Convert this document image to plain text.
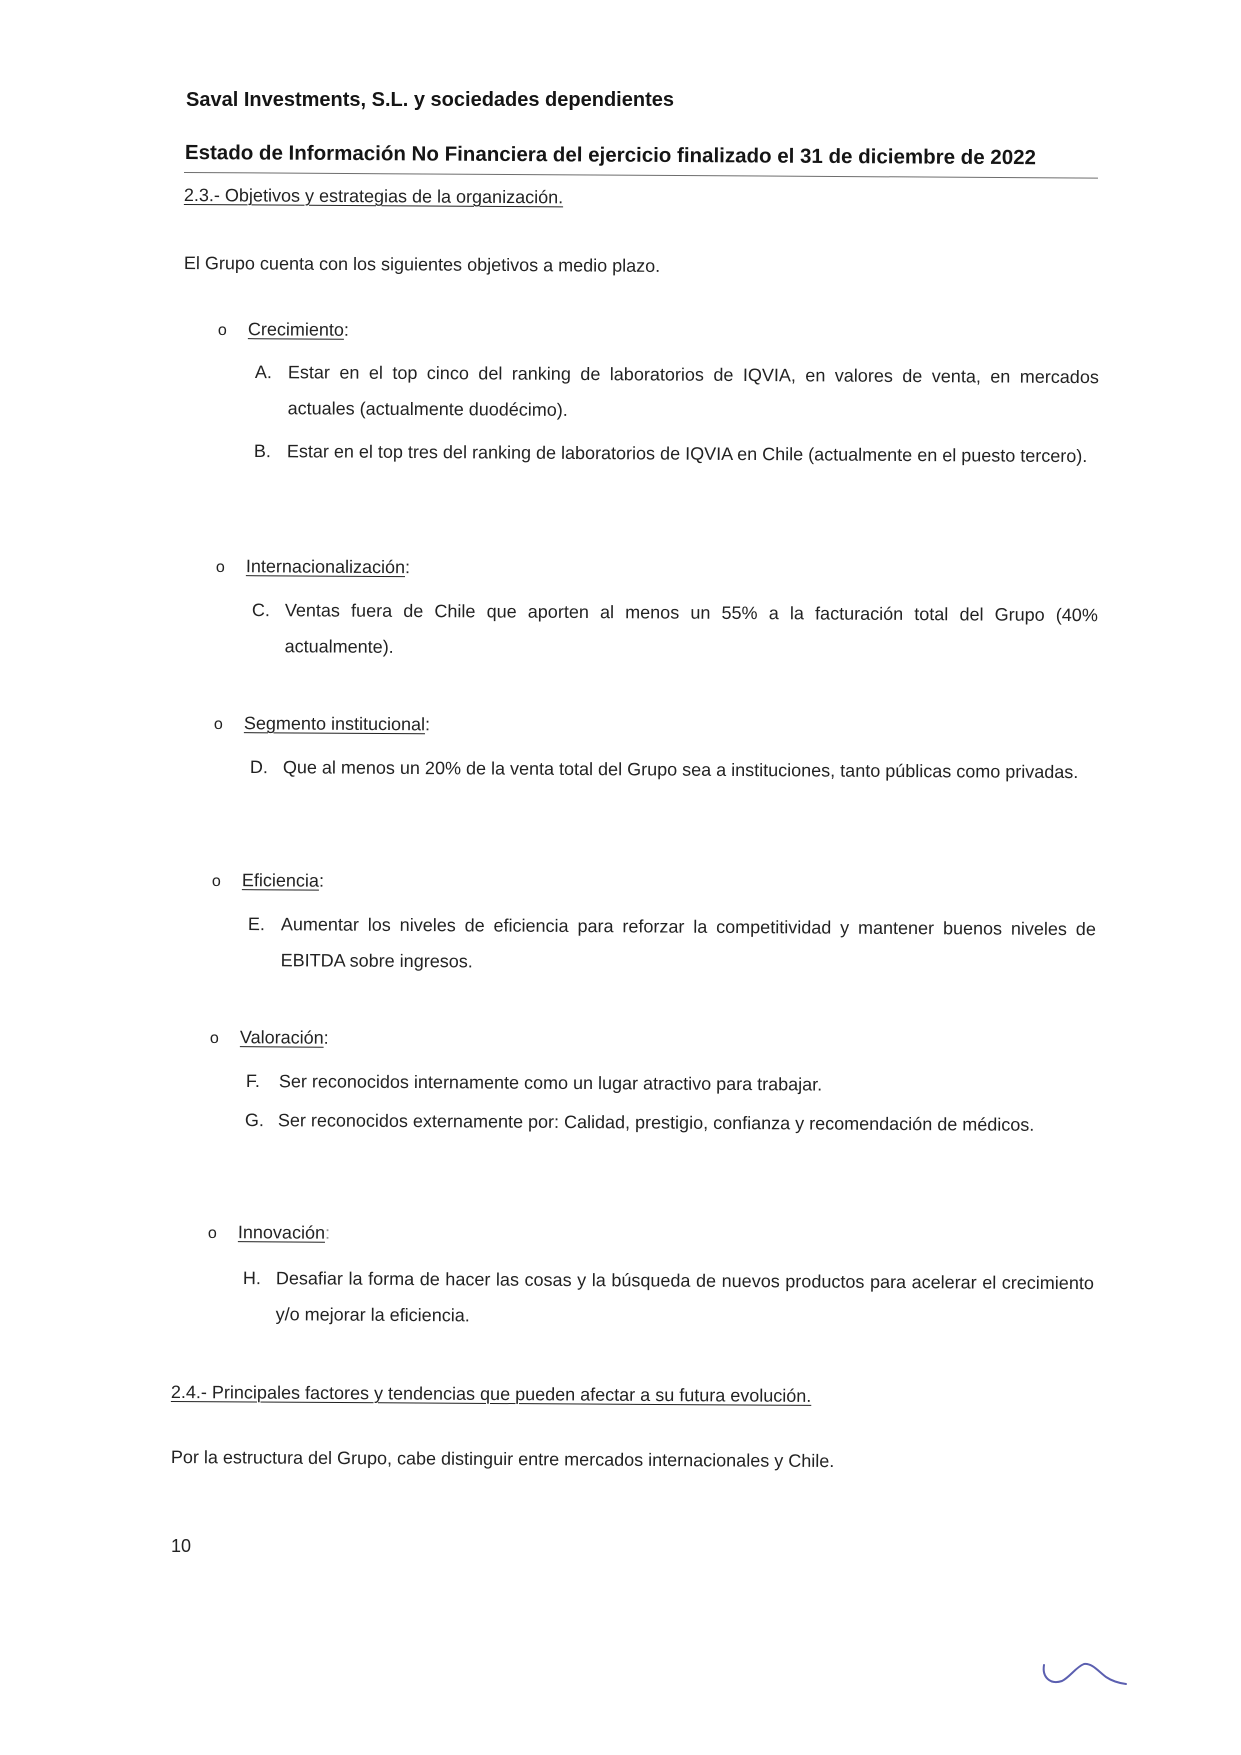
Saval Investments, S.L. y sociedades dependientes
Estado de Información No Financiera del ejercicio finalizado el 31 de diciembre de 2022
2.3.- Objetivos y estrategias de la organización.
El Grupo cuenta con los siguientes objetivos a medio plazo.
o	Crecimiento :
A. Estar en el top cinco del ranking de laboratorios de IQVIA, en valores de venta, en mercados actuales (actualmente duodécimo).
B. Estar en el top tres del ranking de laboratorios de IQVIA en Chile (actualmente en el puesto tercero).
o	Internacionalización :
C. Ventas fuera de Chile que aporten al menos un 55% a la facturación total del Grupo (40% actualmente).
o	Segmento institucional :
D. Que al menos un 20% de la venta total del Grupo sea a instituciones, tanto públicas como privadas.
o	Eficiencia :
E. Aumentar los niveles de eficiencia para reforzar la competitividad y mantener buenos niveles de EBITDA sobre ingresos.
o	Valoración :
F.	Ser reconocidos internamente como un lugar atractivo para trabajar.
G. Ser reconocidos externamente por: Calidad, prestigio, confianza y recomendación de médicos.
o	Innovación :
H. Desafiar la forma de hacer las cosas y la búsqueda de nuevos productos para acelerar el crecimiento y/o mejorar la eficiencia.
2.4.- Principales factores y tendencias que pueden afectar a su futura evolución.
Por la estructura del Grupo, cabe distinguir entre mercados internacionales y Chile.
10
